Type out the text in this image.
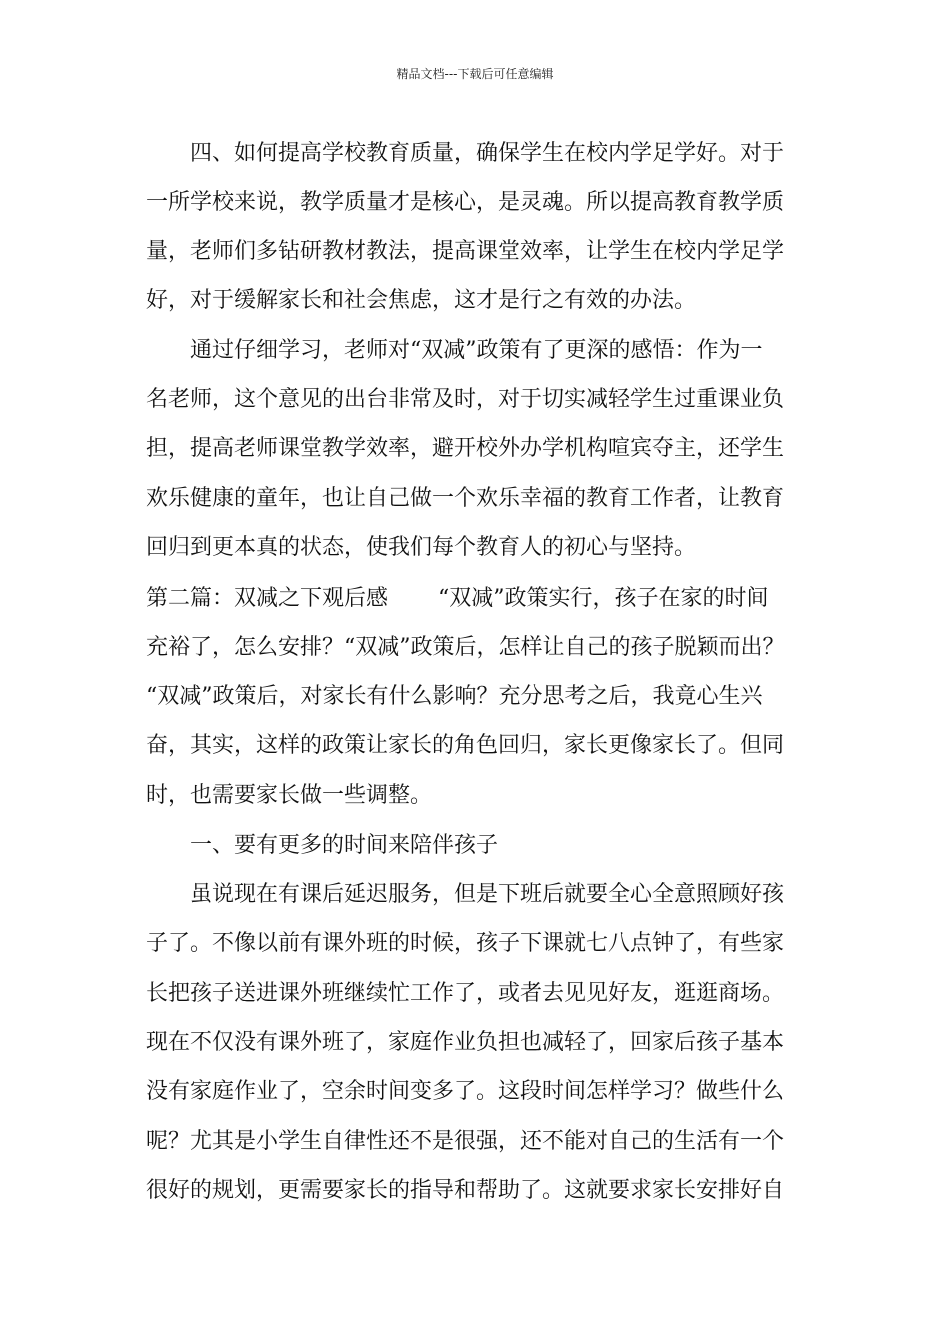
精品文档---下载后可任意编辑
四、如何提高学校教育质量，确保学生在校内学足学好。对于
一所学校来说，教学质量才是核心，是灵魂。所以提高教育教学质
量，老师们多钻研教材教法，提高课堂效率，让学生在校内学足学
好，对于缓解家长和社会焦虑，这才是行之有效的办法。
通过仔细学习，老师对“双减”政策有了更深的感悟：作为一
名老师，这个意见的出台非常及时，对于切实减轻学生过重课业负
担，提高老师课堂教学效率，避开校外办学机构喧宾夺主，还学生
欢乐健康的童年，也让自己做一个欢乐幸福的教育工作者，让教育
回归到更本真的状态，使我们每个教育人的初心与坚持。
第二篇：双减之下观后感 “双减”政策实行，孩子在家的时间
充裕了，怎么安排？“双减”政策后，怎样让自己的孩子脱颖而出？
“双减”政策后，对家长有什么影响？充分思考之后，我竟心生兴
奋，其实，这样的政策让家长的角色回归，家长更像家长了。但同
时，也需要家长做一些调整。
一、要有更多的时间来陪伴孩子
虽说现在有课后延迟服务，但是下班后就要全心全意照顾好孩
子了。不像以前有课外班的时候，孩子下课就七八点钟了，有些家
长把孩子送进课外班继续忙工作了，或者去见见好友，逛逛商场。
现在不仅没有课外班了，家庭作业负担也减轻了，回家后孩子基本
没有家庭作业了，空余时间变多了。这段时间怎样学习？做些什么
呢？尤其是小学生自律性还不是很强，还不能对自己的生活有一个
很好的规划，更需要家长的指导和帮助了。这就要求家长安排好自
